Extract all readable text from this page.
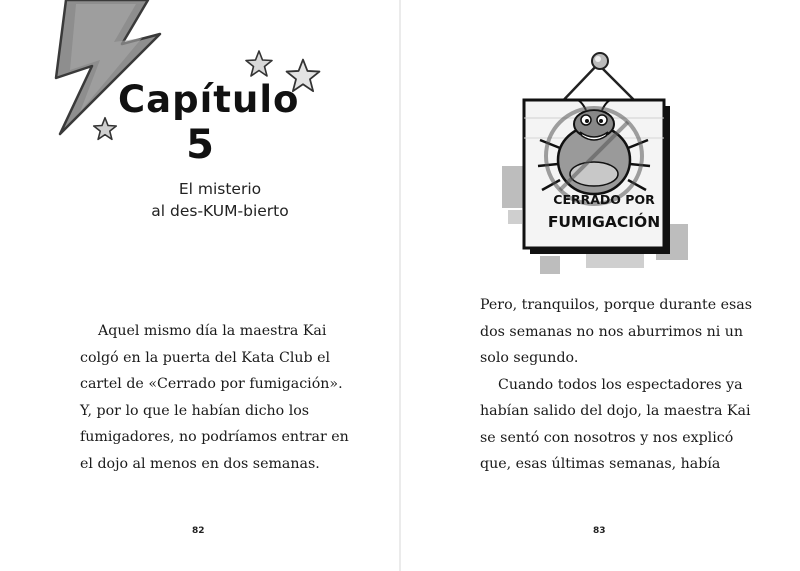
Capítulo
5
El misterio
al des-KUM-bierto
Aquel mismo día la maestra Kai
colgó en la puerta del Kata Club el
cartel de «Cerrado por fumigación».
Y, por lo que le habían dicho los
fumigadores, no podríamos entrar en
el dojo al menos en dos semanas.
82
CERRADO POR
FUMIGACIÓN
Pero, tranquilos, porque durante esas
dos semanas no nos aburrimos ni un
solo segundo.
Cuando todos los espectadores ya
habían salido del dojo, la maestra Kai
se sentó con nosotros y nos explicó
que, esas últimas semanas, había
83
